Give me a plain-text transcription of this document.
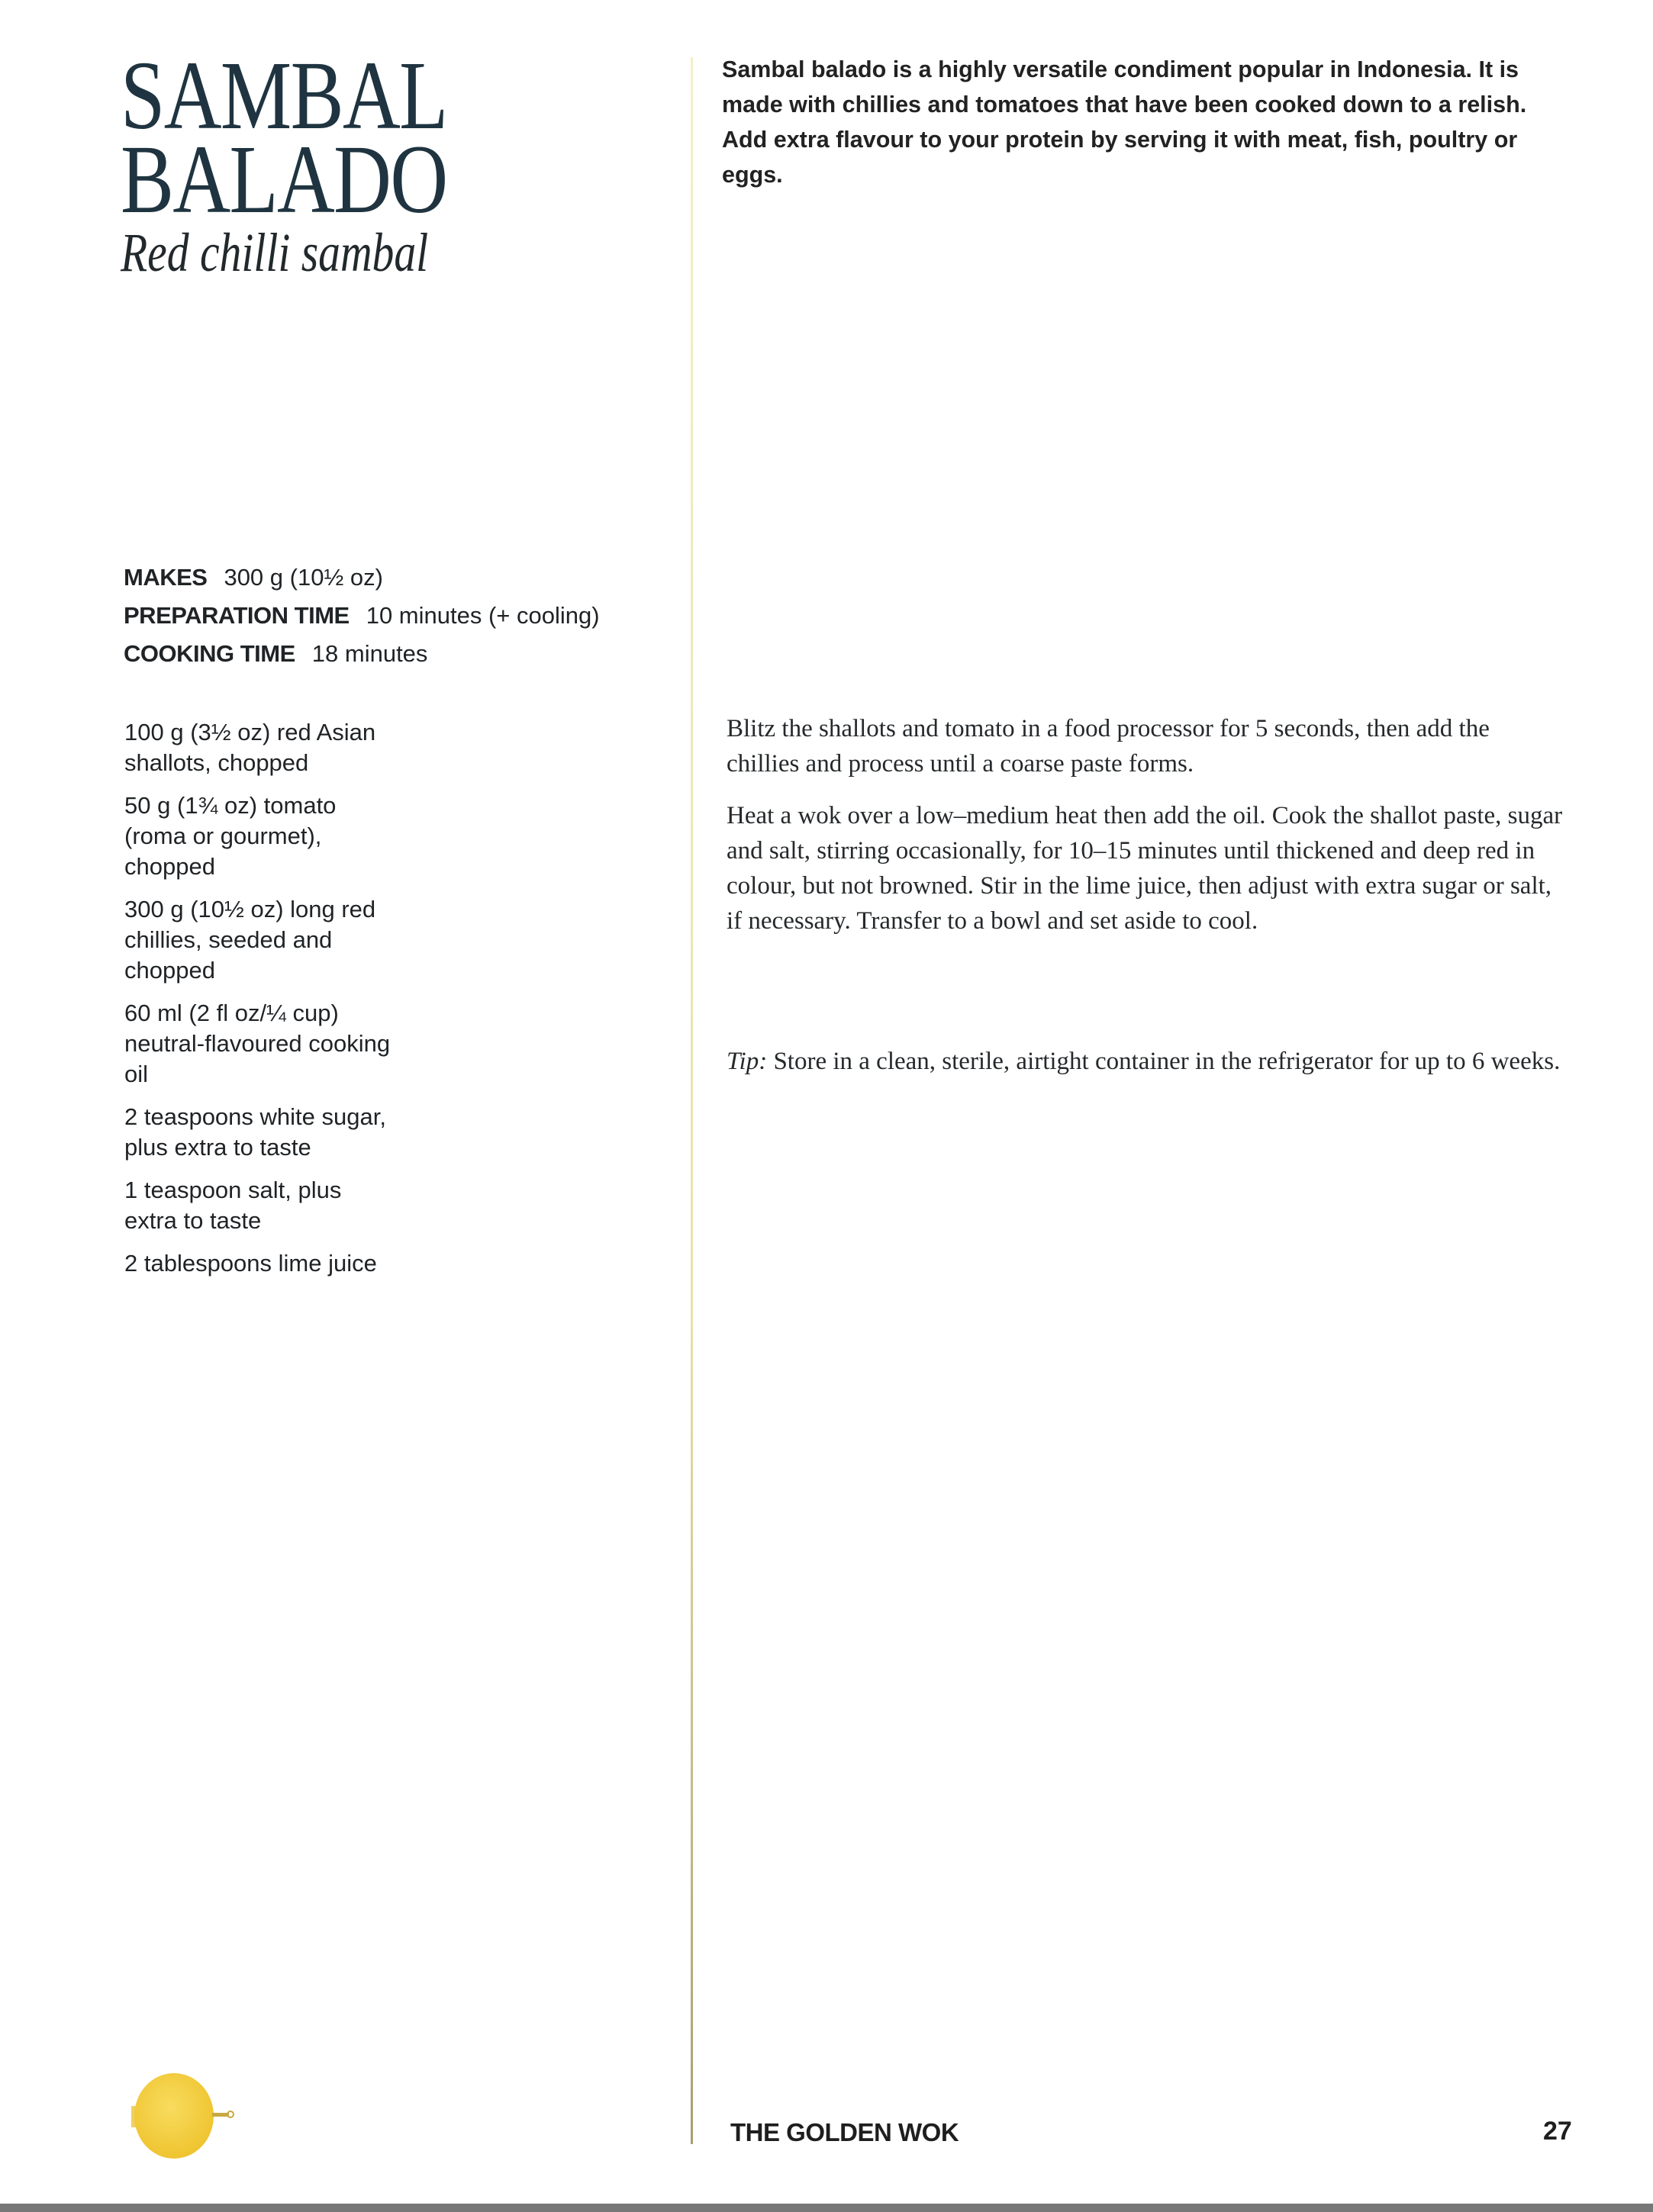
SAMBAL
BALADO
Red chilli sambal
MAKES 300 g (10½ oz)
PREPARATION TIME 10 minutes (+ cooling)
COOKING TIME 18 minutes
100 g (3½ oz) red Asian shallots, chopped
50 g (1¾ oz) tomato (roma or gourmet), chopped
300 g (10½ oz) long red chillies, seeded and chopped
60 ml (2 fl oz/¼ cup) neutral-flavoured cooking oil
2 teaspoons white sugar, plus extra to taste
1 teaspoon salt, plus extra to taste
2 tablespoons lime juice
Sambal balado is a highly versatile condiment popular in Indonesia. It is made with chillies and tomatoes that have been cooked down to a relish. Add extra flavour to your protein by serving it with meat, fish, poultry or eggs.

Blitz the shallots and tomato in a food processor for 5 seconds, then add the chillies and process until a coarse paste forms.

Heat a wok over a low–medium heat then add the oil. Cook the shallot paste, sugar and salt, stirring occasionally, for 10–15 minutes until thickened and deep red in colour, but not browned. Stir in the lime juice, then adjust with extra sugar or salt, if necessary. Transfer to a bowl and set aside to cool.

Tip: Store in a clean, sterile, airtight container in the refrigerator for up to 6 weeks.
THE GOLDEN WOK	27
